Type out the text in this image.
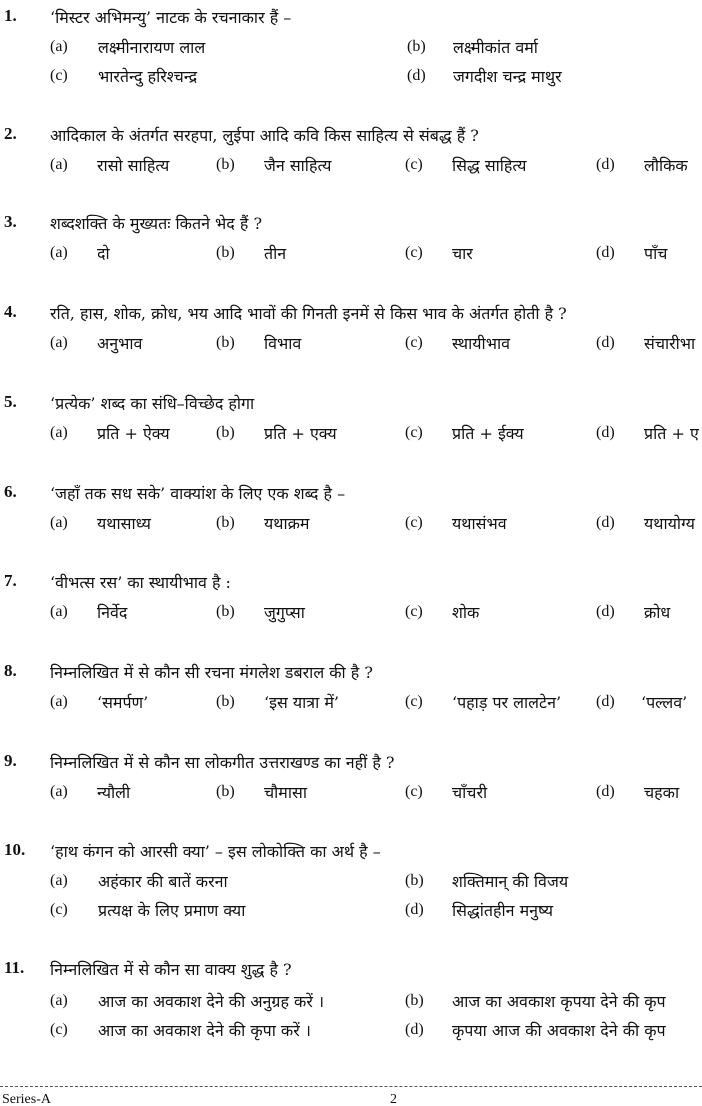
1. ‘मिस्टर अभिमन्यु’ नाटक के रचनाकार हैं –
(a) लक्ष्मीनारायण लाल	(b) लक्ष्मीकांत वर्मा
(c) भारतेन्दु हरिश्चन्द्र	(d) जगदीश चन्द्र माथुर
2. आदिकाल के अंतर्गत सरहपा, लुईपा आदि कवि किस साहित्य से संबद्ध हैं ?
(a) रासो साहित्य	(b) जैन साहित्य	(c) सिद्ध साहित्य	(d) लौकिक
3. शब्दशक्ति के मुख्यतः कितने भेद हैं ?
(a) दो	(b) तीन	(c) चार	(d) पाँच
4. रति, हास, शोक, क्रोध, भय आदि भावों की गिनती इनमें से किस भाव के अंतर्गत होती है ?
(a) अनुभाव	(b) विभाव	(c) स्थायीभाव	(d) संचारीभा
5. ‘प्रत्येक’ शब्द का संधि–विच्छेद होगा
(a) प्रति + ऐक्य	(b) प्रति + एक्य	(c) प्रति + ईक्य	(d) प्रति + ए
6. ‘जहाँ तक सध सके’ वाक्यांश के लिए एक शब्द है –
(a) यथासाध्य	(b) यथाक्रम	(c) यथासंभव	(d) यथायोग्य
7. ‘वीभत्स रस’ का स्थायीभाव है :
(a) निर्वेद	(b) जुगुप्सा	(c) शोक	(d) क्रोध
8. निम्नलिखित में से कौन सी रचना मंगलेश डबराल की है ?
(a) ‘समर्पण’	(b) ‘इस यात्रा में’	(c) ‘पहाड़ पर लालटेन’ (d) ‘पल्लव’
9. निम्नलिखित में से कौन सा लोकगीत उत्तराखण्ड का नहीं है ?
(a) न्यौली	(b) चौमासा	(c) चाँचरी	(d) चहका
10. ‘हाथ कंगन को आरसी क्या’ – इस लोकोक्ति का अर्थ है –
(a) अहंकार की बातें करना	(b) शक्तिमान् की विजय
(c) प्रत्यक्ष के लिए प्रमाण क्या	(d) सिद्धांतहीन मनुष्य
11. निम्नलिखित में से कौन सा वाक्य शुद्ध है ?
(a) आज का अवकाश देने की अनुग्रह करें ।	(b) आज का अवकाश कृपया देने की कृप
(c) आज का अवकाश देने की कृपा करें ।	(d) कृपया आज की अवकाश देने की कृप
Series-A	2
